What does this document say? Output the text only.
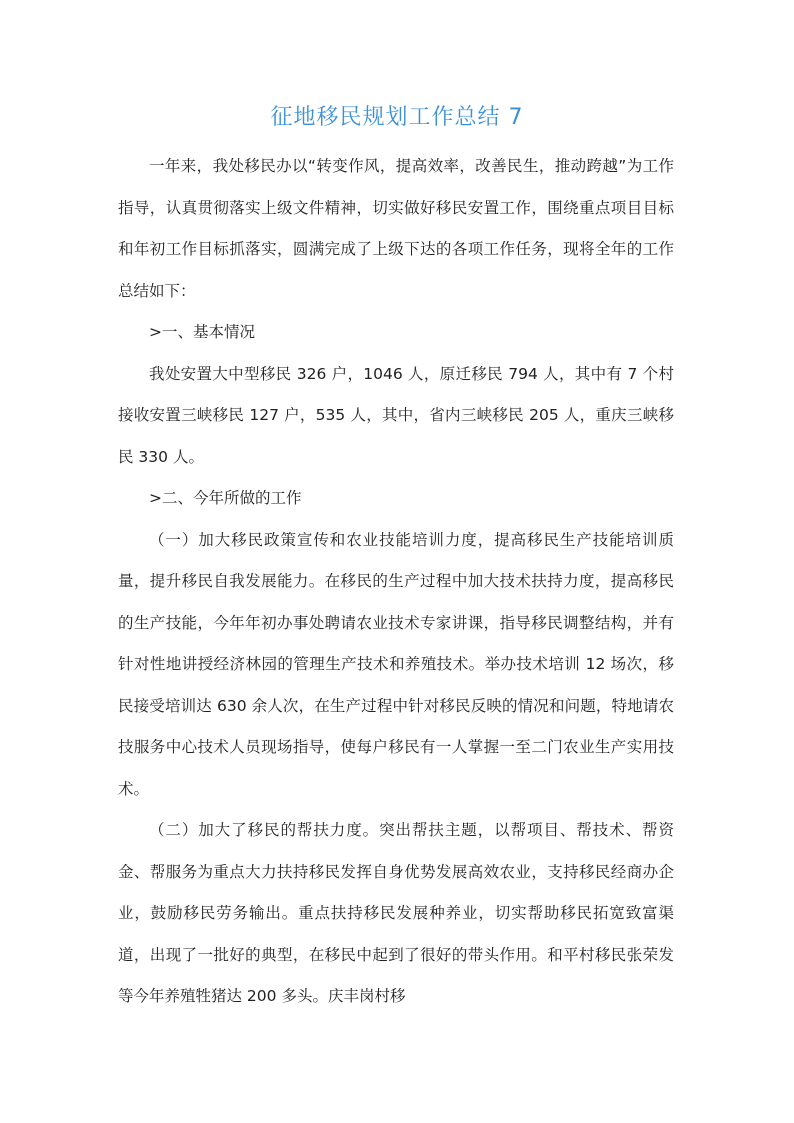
征地移民规划工作总结 7

一年来，我处移民办以“转变作风，提高效率，改善民生，推动跨越”为工作指导，认真贯彻落实上级文件精神，切实做好移民安置工作，围绕重点项目目标和年初工作目标抓落实，圆满完成了上级下达的各项工作任务，现将全年的工作总结如下：

>一、基本情况

我处安置大中型移民 326 户，1046 人，原迁移民 794 人，其中有 7 个村接收安置三峡移民 127 户，535 人，其中，省内三峡移民 205 人，重庆三峡移民 330 人。

>二、今年所做的工作

（一）加大移民政策宣传和农业技能培训力度，提高移民生产技能培训质量，提升移民自我发展能力。在移民的生产过程中加大技术扶持力度，提高移民的生产技能，今年年初办事处聘请农业技术专家讲课，指导移民调整结构，并有针对性地讲授经济林园的管理生产技术和养殖技术。举办技术培训 12 场次，移民接受培训达 630 余人次，在生产过程中针对移民反映的情况和问题，特地请农技服务中心技术人员现场指导，使每户移民有一人掌握一至二门农业生产实用技术。

（二）加大了移民的帮扶力度。突出帮扶主题，以帮项目、帮技术、帮资金、帮服务为重点大力扶持移民发挥自身优势发展高效农业，支持移民经商办企业，鼓励移民劳务输出。重点扶持移民发展种养业，切实帮助移民拓宽致富渠道，出现了一批好的典型，在移民中起到了很好的带头作用。和平村移民张荣发等今年养殖牲猪达 200 多头。庆丰岗村移
